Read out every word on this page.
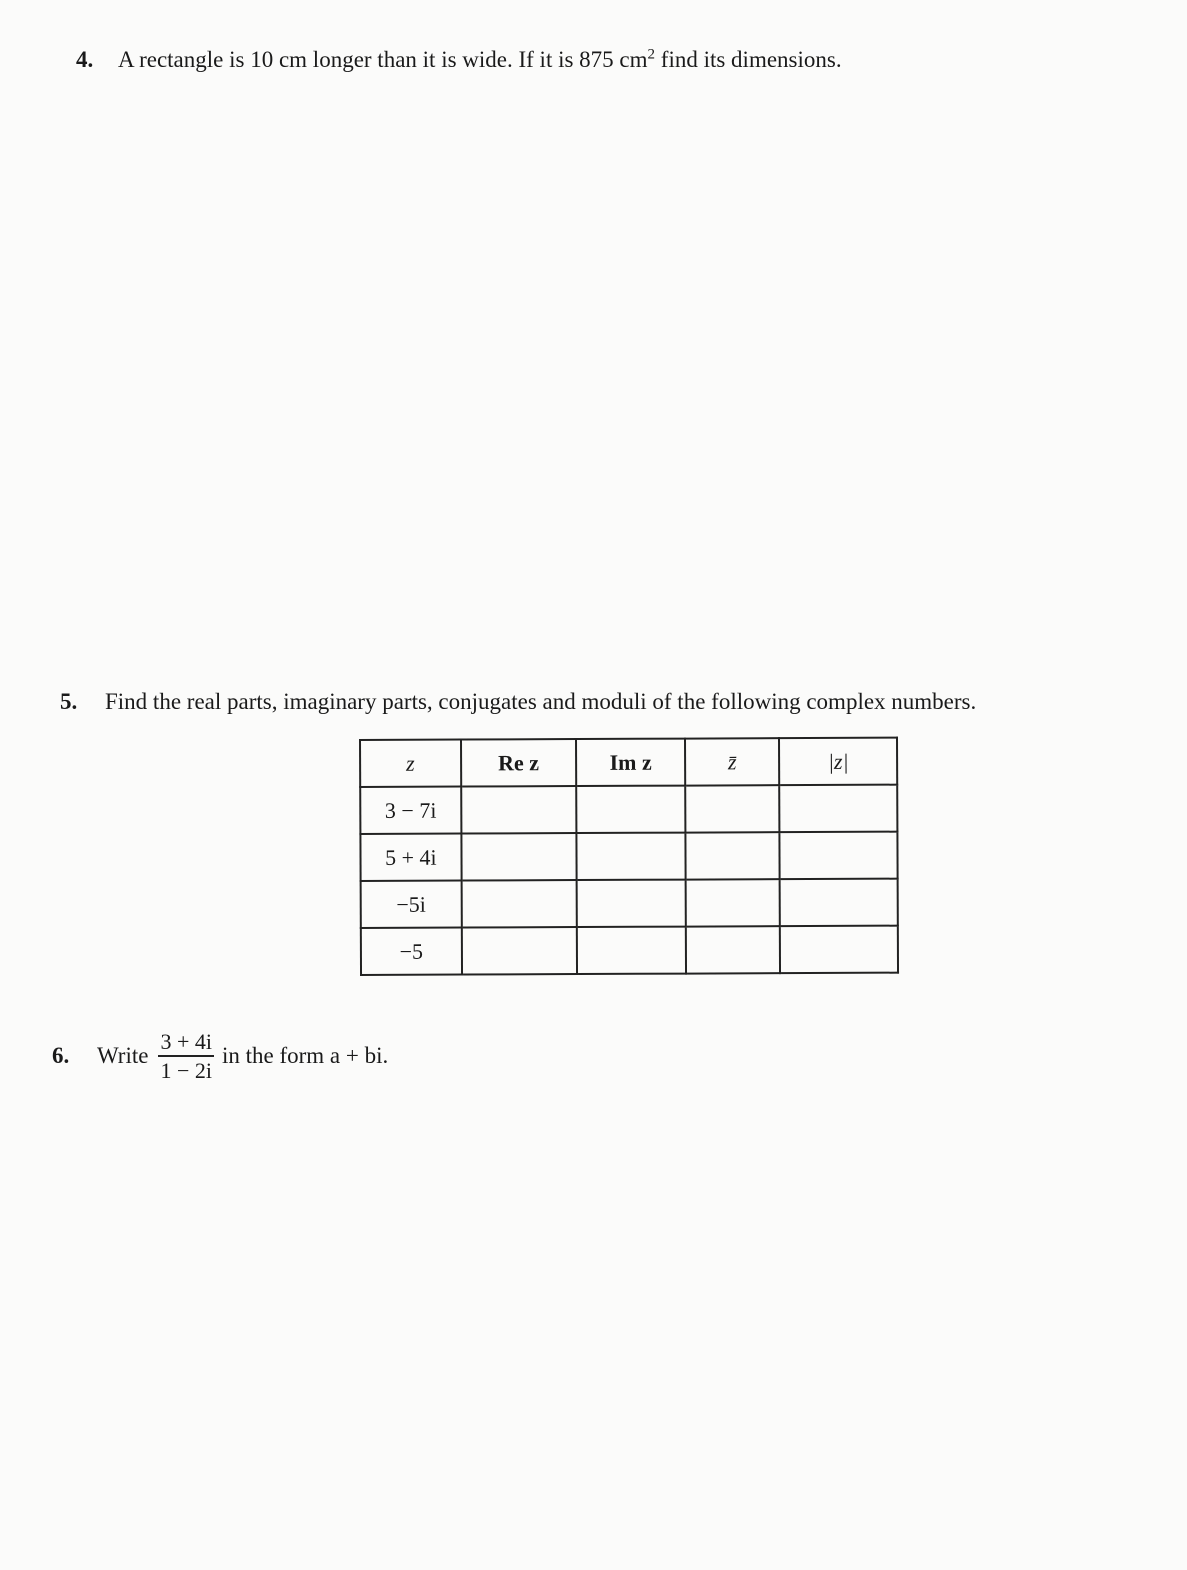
4. A rectangle is 10 cm longer than it is wide. If it is 875 $cm^2$ find its dimensions.
5. Find the real parts, imaginary parts, conjugates and moduli of the following complex numbers.
z	Re z	Im z	z̄	|z|
3 − 7i				
5 + 4i				
−5i				
−5				
6.	Write $\frac{3 + 4i}{1 - 2i}$ in the form a + bi.
